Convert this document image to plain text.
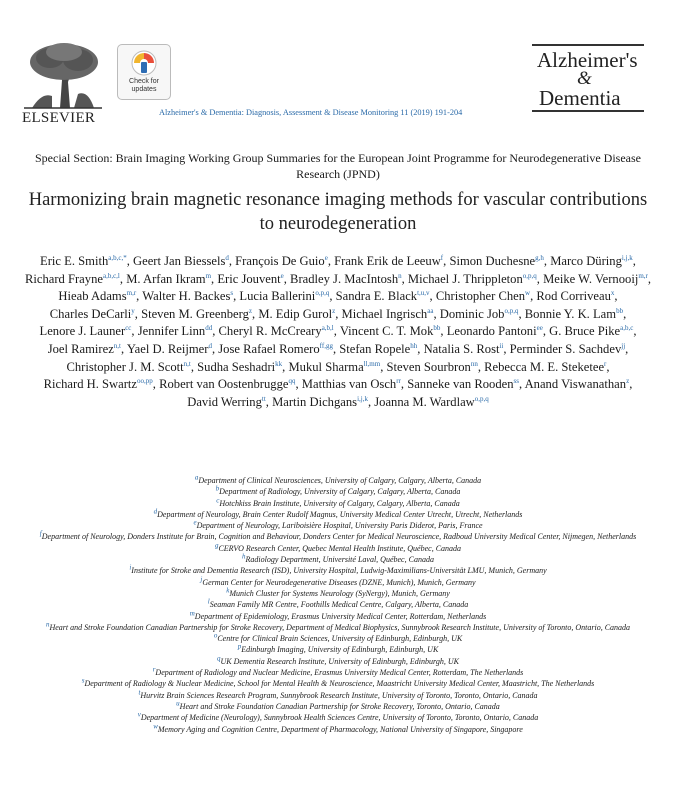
ELSEVIER
Check for
updates
Alzheimer's & Dementia: Diagnosis, Assessment & Disease Monitoring 11 (2019) 191-204
Alzheimer's
&
Dementia
Special Section: Brain Imaging Working Group Summaries for the European Joint Programme for Neurodegenerative Disease Research (JPND)
Harmonizing brain magnetic resonance imaging methods for vascular contributions to neurodegeneration
Eric E. Smith$^{a,b,c,*}$, Geert Jan Biessels$^d$, François De Guio$^e$, Frank Erik de Leeuw$^f$, Simon Duchesne$^{g,h}$, Marco Düring$^{i,j,k}$, Richard Frayne$^{a,b,c,l}$, M. Arfan Ikram$^m$, Eric Jouvent$^e$, Bradley J. MacIntosh$^n$, Michael J. Thrippleton$^{o,p,q}$, Meike W. Vernooij$^{m,r}$, Hieab Adams$^{m,r}$, Walter H. Backes$^s$, Lucia Ballerini$^{o,p,q}$, Sandra E. Black$^{t,u,v}$, Christopher Chen$^w$, Rod Corriveau$^x$, Charles DeCarli$^y$, Steven M. Greenberg$^z$, M. Edip Gurol$^z$, Michael Ingrisch$^{aa}$, Dominic Job$^{o,p,q}$, Bonnie Y. K. Lam$^{bb}$, Lenore J. Launer$^{cc}$, Jennifer Linn$^{dd}$, Cheryl R. McCreary$^{a,b,l}$, Vincent C. T. Mok$^{bb}$, Leonardo Pantoni$^{ee}$, G. Bruce Pike$^{a,b,c}$, Joel Ramirez$^{n,t}$, Yael D. Reijmer$^d$, Jose Rafael Romero$^{ff,gg}$, Stefan Ropele$^{hh}$, Natalia S. Rost$^{ii}$, Perminder S. Sachdev$^{jj}$, Christopher J. M. Scott$^{n,t}$, Sudha Seshadri$^{kk}$, Mukul Sharma$^{ll,mm}$, Steven Sourbron$^{nn}$, Rebecca M. E. Steketee$^r$, Richard H. Swartz$^{oo,pp}$, Robert van Oostenbrugge$^{qq}$, Matthias van Osch$^{rr}$, Sanneke van Rooden$^{ss}$, Anand Viswanathan$^z$, David Werring$^{tt}$, Martin Dichgans$^{i,j,k}$, Joanna M. Wardlaw$^{o,p,q}$
$^a$Department of Clinical Neurosciences, University of Calgary, Calgary, Alberta, Canada
$^b$Department of Radiology, University of Calgary, Calgary, Alberta, Canada
$^c$Hotchkiss Brain Institute, University of Calgary, Calgary, Alberta, Canada
$^d$Department of Neurology, Brain Center Rudolf Magnus, University Medical Center Utrecht, Utrecht, Netherlands
$^e$Department of Neurology, Lariboisière Hospital, University Paris Diderot, Paris, France
$^f$Department of Neurology, Donders Institute for Brain, Cognition and Behaviour, Donders Center for Medical Neuroscience, Radboud University Medical Center, Nijmegen, Netherlands
$^g$CERVO Research Center, Quebec Mental Health Institute, Québec, Canada
$^h$Radiology Department, Université Laval, Québec, Canada
$^i$Institute for Stroke and Dementia Research (ISD), University Hospital, Ludwig-Maximilians-Universität LMU, Munich, Germany
$^j$German Center for Neurodegenerative Diseases (DZNE, Munich), Munich, Germany
$^k$Munich Cluster for Systems Neurology (SyNergy), Munich, Germany
$^l$Seaman Family MR Centre, Foothills Medical Centre, Calgary, Alberta, Canada
$^m$Department of Epidemiology, Erasmus University Medical Center, Rotterdam, Netherlands
$^n$Heart and Stroke Foundation Canadian Partnership for Stroke Recovery, Department of Medical Biophysics, Sunnybrook Research Institute, University of Toronto, Ontario, Canada
$^o$Centre for Clinical Brain Sciences, University of Edinburgh, Edinburgh, UK
$^p$Edinburgh Imaging, University of Edinburgh, Edinburgh, UK
$^q$UK Dementia Research Institute, University of Edinburgh, Edinburgh, UK
$^r$Department of Radiology and Nuclear Medicine, Erasmus University Medical Center, Rotterdam, The Netherlands
$^s$Department of Radiology & Nuclear Medicine, School for Mental Health & Neuroscience, Maastricht University Medical Center, Maastricht, The Netherlands
$^t$Hurvitz Brain Sciences Research Program, Sunnybrook Research Institute, University of Toronto, Toronto, Ontario, Canada
$^u$Heart and Stroke Foundation Canadian Partnership for Stroke Recovery, Toronto, Ontario, Canada
$^v$Department of Medicine (Neurology), Sunnybrook Health Sciences Centre, University of Toronto, Toronto, Ontario, Canada
$^w$Memory Aging and Cognition Centre, Department of Pharmacology, National University of Singapore, Singapore
